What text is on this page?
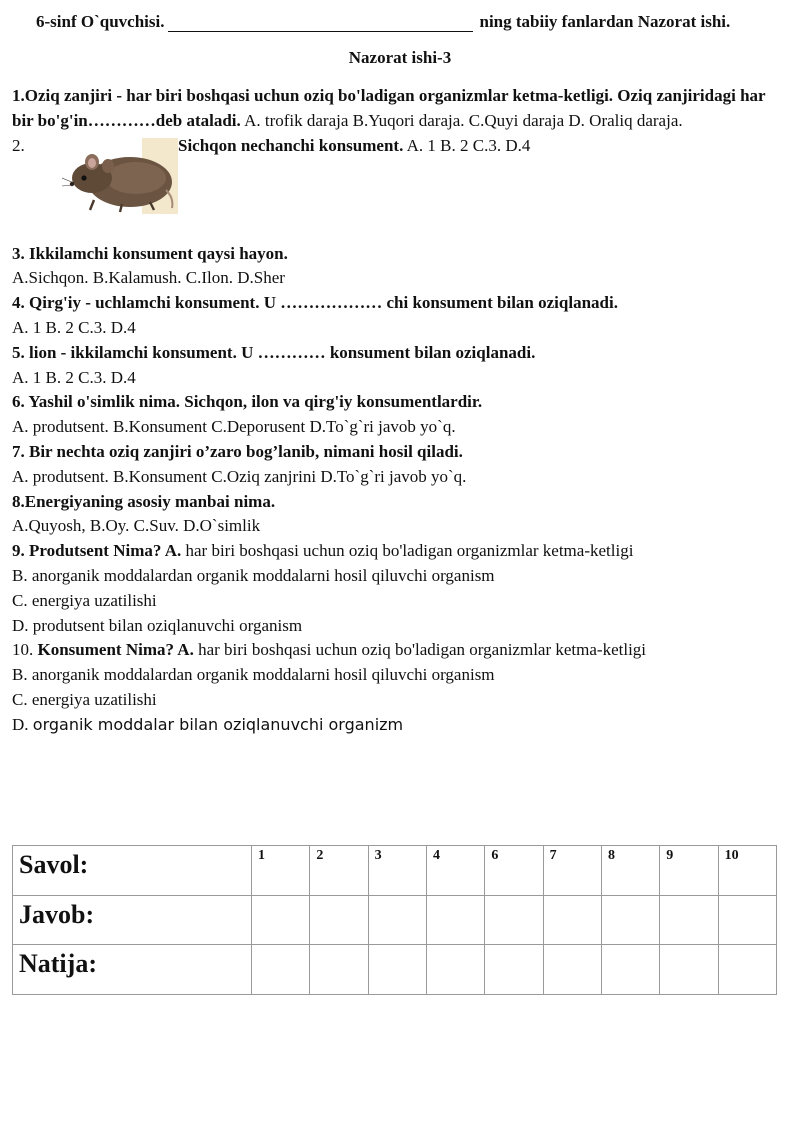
6-sinf O`quvchisi.	ning tabiiy fanlardan Nazorat ishi.
Nazorat ishi-3

1.Oziq zanjiri - har biri boshqasi uchun oziq bo'ladigan organizmlar ketma-ketligi. Oziq zanjiridagi har bir bo'g'in…………deb ataladi. A. trofik daraja B.Yuqori daraja. C.Quyi daraja D. Oraliq daraja.

2.	Sichqon nechanchi konsument. A. 1 B. 2 C.3. D.4

3. Ikkilamchi konsument qaysi hayon.

A.Sichqon. B.Kalamush. C.Ilon. D.Sher

4. Qirg'iy - uchlamchi konsument. U ……………… chi konsument bilan oziqlanadi.

A. 1 B. 2 C.3. D.4

5. lion - ikkilamchi konsument. U ………… konsument bilan oziqlanadi.

A. 1 B. 2 C.3. D.4

6. Yashil o'simlik nima. Sichqon, ilon va qirg'iy konsumentlardir.

A. produtsent. B.Konsument C.Deporusent D.To`g`ri javob yo`q.

7. Bir nechta oziq zanjiri o’zaro bog’lanib, nimani hosil qiladi.

A. produtsent. B.Konsument C.Oziq zanjrini D.To`g`ri javob yo`q.

8.Energiyaning asosiy manbai nima.

A.Quyosh, B.Oy. C.Suv. D.O`simlik

9. Produtsent Nima? A. har biri boshqasi uchun oziq bo'ladigan organizmlar ketma-ketligi

B. anorganik moddalardan organik moddalarni hosil qiluvchi organism

C. energiya uzatilishi

D. produtsent bilan oziqlanuvchi organism

10. Konsument Nima? A. har biri boshqasi uchun oziq bo'ladigan organizmlar ketma-ketligi

B. anorganik moddalardan organik moddalarni hosil qiluvchi organism

C. energiya uzatilishi

D. organik moddalar bilan oziqlanuvchi organizm

Savol:	1	2	3	4	6	7	8	9	10
Javob:									
Natija:									
